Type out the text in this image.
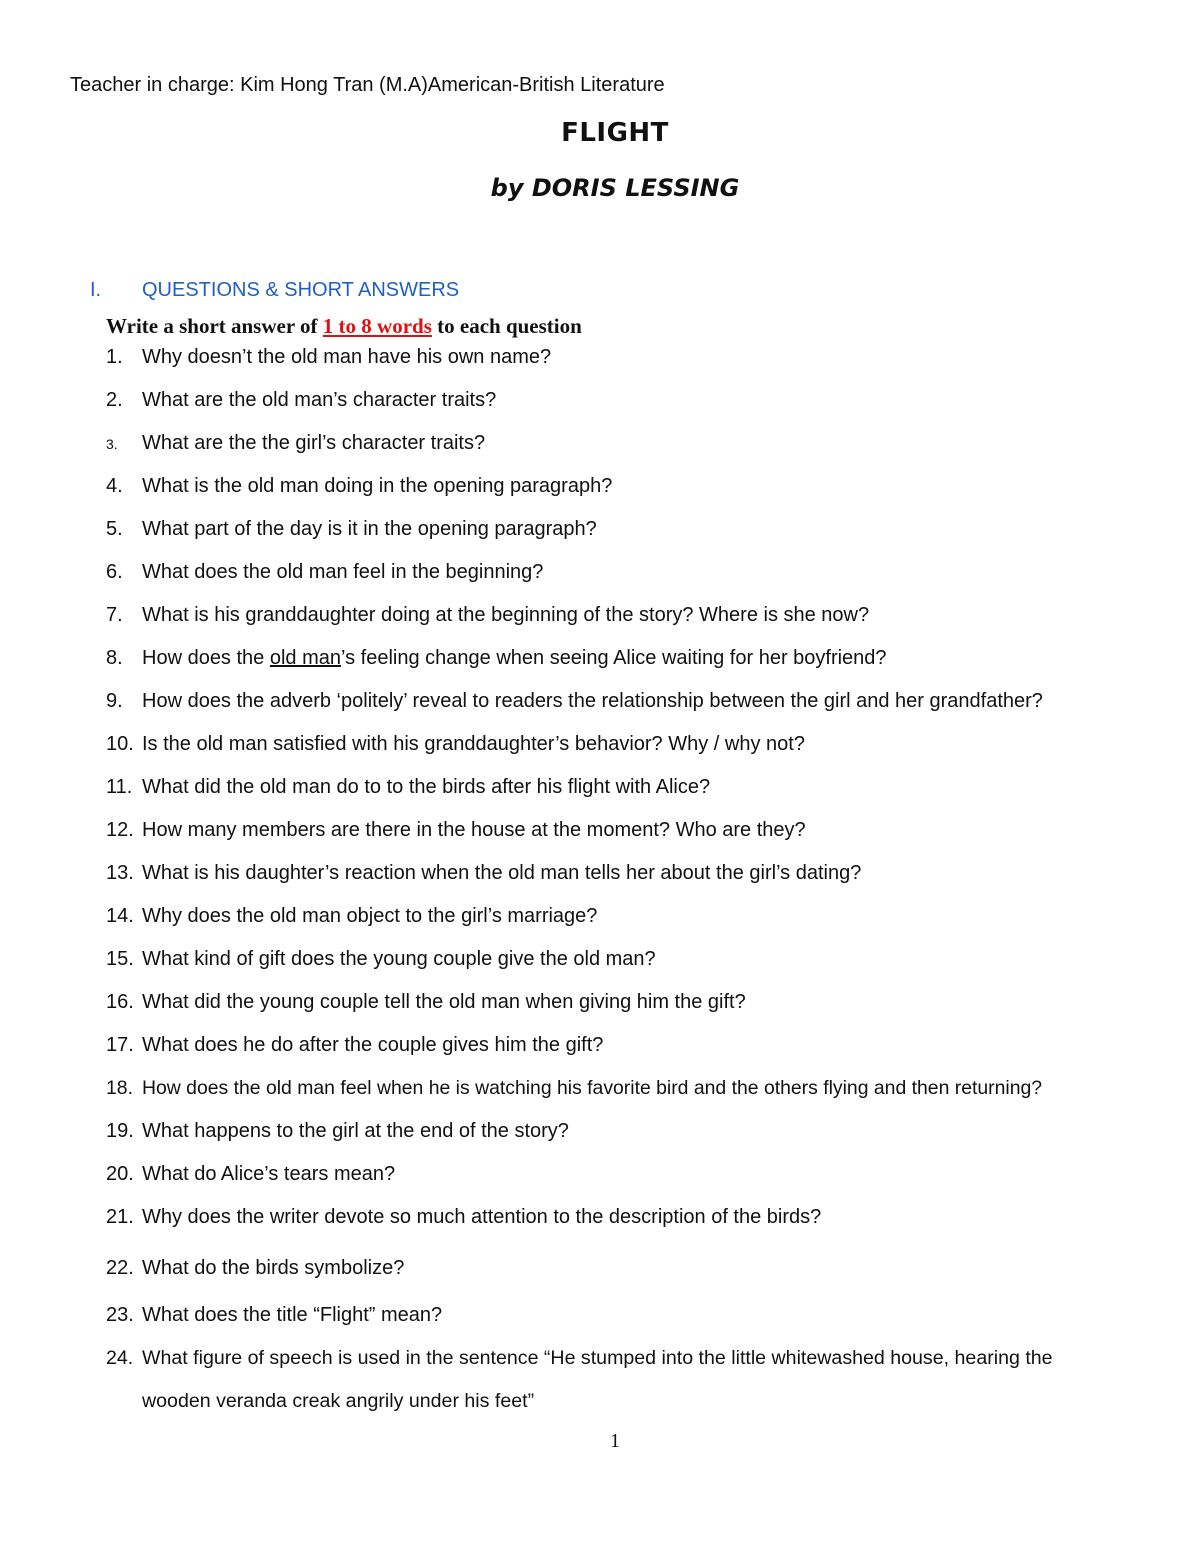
Teacher in charge: Kim Hong Tran (M.A)American-British Literature
FLIGHT
by DORIS LESSING
I. QUESTIONS & SHORT ANSWERS
Write a short answer of 1 to 8 words to each question
1. Why doesn’t the old man have his own name?
2. What are the old man’s character traits?
3. What are the the girl’s character traits?
4. What is the old man doing in the opening paragraph?
5. What part of the day is it in the opening paragraph?
6. What does the old man feel in the beginning?
7. What is his granddaughter doing at the beginning of the story? Where is she now?
8. How does the old man’s feeling change when seeing Alice waiting for her boyfriend?
9. How does the adverb ‘politely’ reveal to readers the relationship between the girl and her grandfather?
10. Is the old man satisfied with his granddaughter’s behavior? Why / why not?
11. What did the old man do to to the birds after his flight with Alice?
12. How many members are there in the house at the moment? Who are they?
13. What is his daughter’s reaction when the old man tells her about the girl’s dating?
14. Why does the old man object to the girl’s marriage?
15. What kind of gift does the young couple give the old man?
16. What did the young couple tell the old man when giving him the gift?
17. What does he do after the couple gives him the gift?
18. How does the old man feel when he is watching his favorite bird and the others flying and then returning?
19. What happens to the girl at the end of the story?
20. What do Alice’s tears mean?
21. Why does the writer devote so much attention to the description of the birds?
22. What do the birds symbolize?
23. What does the title “Flight” mean?
24. What figure of speech is used in the sentence “He stumped into the little whitewashed house, hearing the
wooden veranda creak angrily under his feet”
1
